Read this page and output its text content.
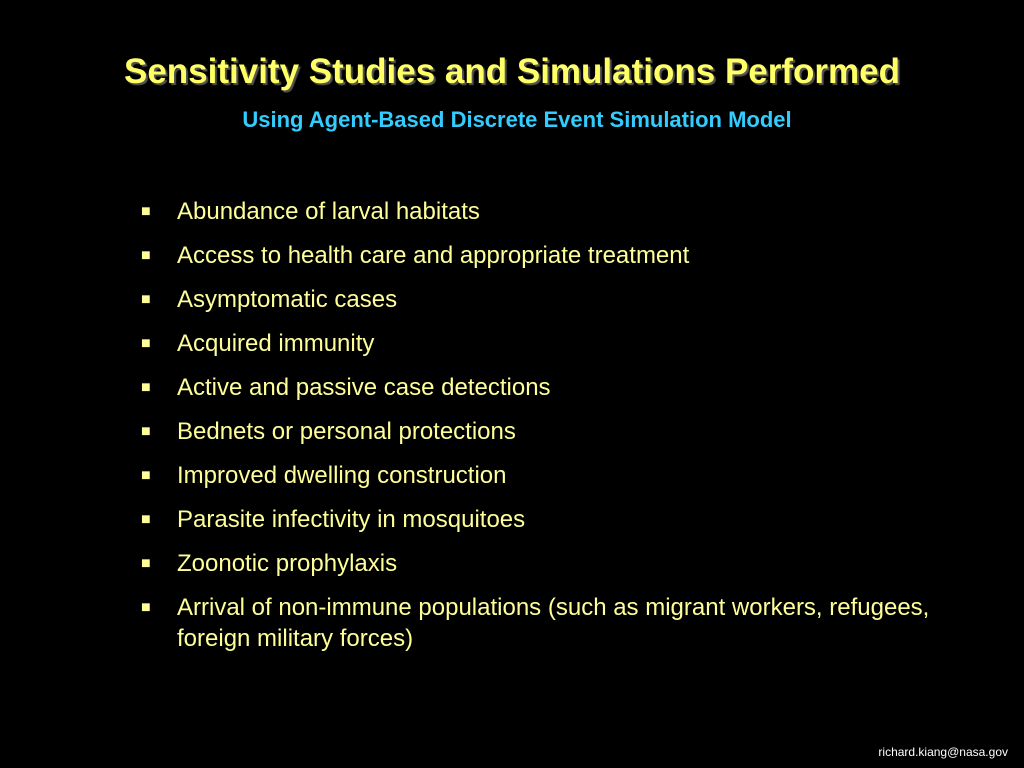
Sensitivity Studies and Simulations Performed
Using Agent-Based Discrete Event Simulation Model
■	Abundance of larval habitats
■	Access to health care and appropriate treatment
■	Asymptomatic cases
■	Acquired immunity
■	Active and passive case detections
■	Bednets or personal protections
■	Improved dwelling construction
■	Parasite infectivity in mosquitoes
■	Zoonotic prophylaxis
■	Arrival of non-immune populations (such as migrant workers, refugees, foreign military forces)
richard.kiang@nasa.gov
